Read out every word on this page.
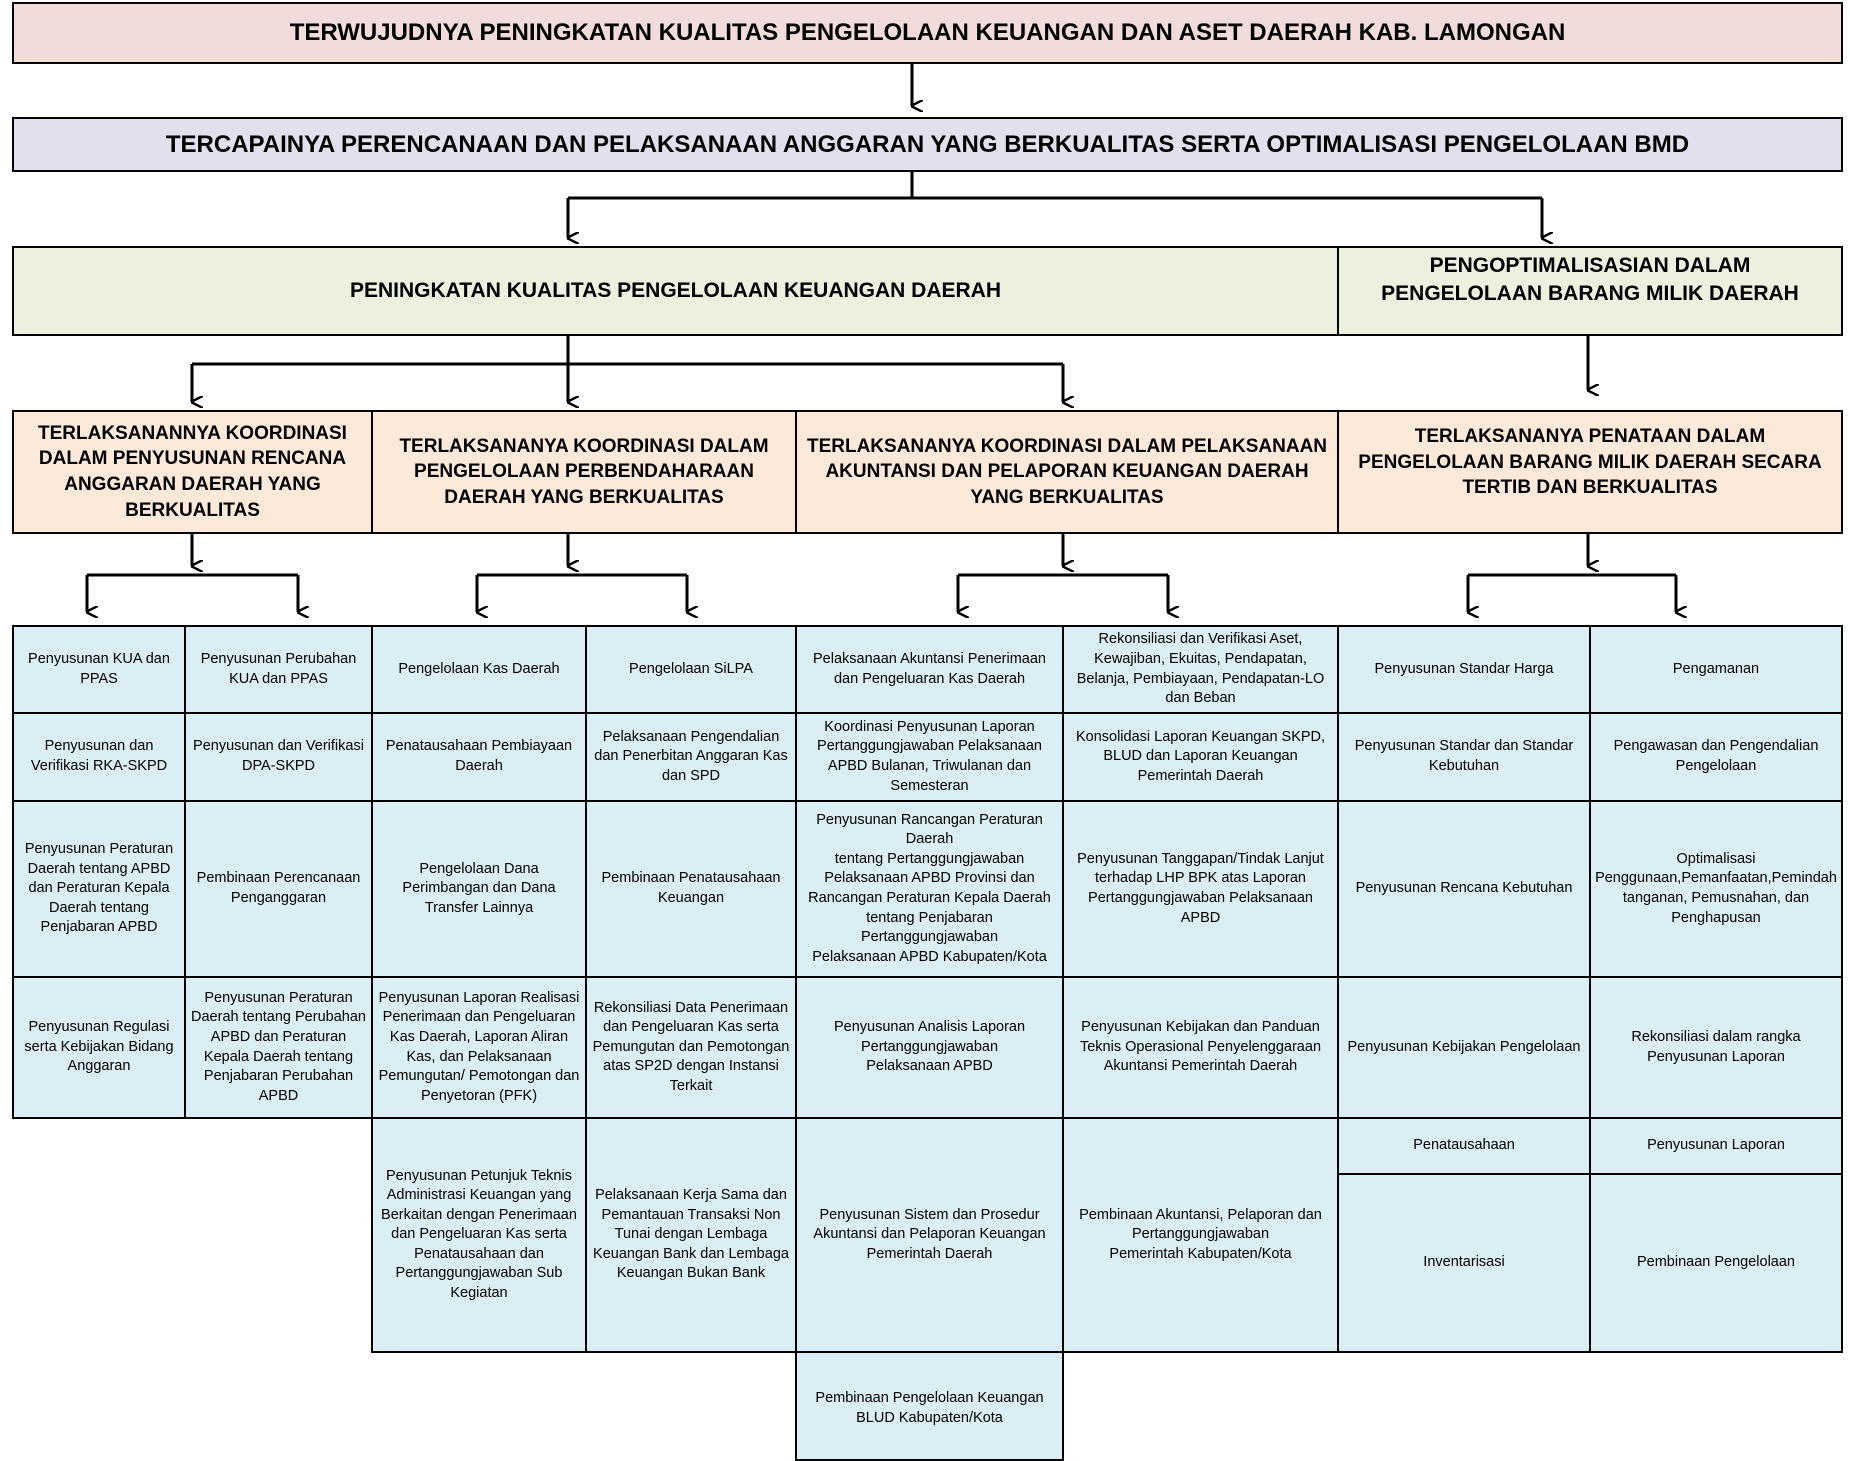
TERWUJUDNYA PENINGKATAN KUALITAS PENGELOLAAN KEUANGAN DAN ASET DAERAH KAB. LAMONGAN
TERCAPAINYA PERENCANAAN DAN PELAKSANAAN ANGGARAN YANG BERKUALITAS SERTA OPTIMALISASI PENGELOLAAN BMD
PENINGKATAN KUALITAS PENGELOLAAN KEUANGAN DAERAH
PENGOPTIMALISASIAN DALAM PENGELOLAAN BARANG MILIK DAERAH
TERLAKSANANNYA KOORDINASI DALAM PENYUSUNAN RENCANA ANGGARAN DAERAH YANG BERKUALITAS
TERLAKSANANYA KOORDINASI DALAM PENGELOLAAN PERBENDAHARAAN DAERAH YANG BERKUALITAS
TERLAKSANANYA KOORDINASI DALAM PELAKSANAAN AKUNTANSI DAN PELAPORAN KEUANGAN DAERAH YANG BERKUALITAS
TERLAKSANANYA PENATAAN DALAM PENGELOLAAN BARANG MILIK DAERAH SECARA TERTIB DAN BERKUALITAS
Penyusunan KUA dan PPAS
Penyusunan dan Verifikasi RKA-SKPD
Penyusunan Peraturan Daerah tentang APBD dan Peraturan Kepala Daerah tentang Penjabaran APBD
Penyusunan Regulasi serta Kebijakan Bidang Anggaran
Penyusunan Perubahan KUA dan PPAS
Penyusunan dan Verifikasi DPA-SKPD
Pembinaan Perencanaan Penganggaran
Penyusunan Peraturan Daerah tentang Perubahan APBD dan Peraturan Kepala Daerah tentang Penjabaran Perubahan APBD
Pengelolaan Kas Daerah
Penatausahaan Pembiayaan Daerah
Pengelolaan Dana Perimbangan dan Dana Transfer Lainnya
Penyusunan Laporan Realisasi Penerimaan dan Pengeluaran Kas Daerah, Laporan Aliran Kas, dan Pelaksanaan Pemungutan/ Pemotongan dan Penyetoran (PFK)
Penyusunan Petunjuk Teknis Administrasi Keuangan yang Berkaitan dengan Penerimaan dan Pengeluaran Kas serta Penatausahaan dan Pertanggungjawaban Sub Kegiatan
Pengelolaan SiLPA
Pelaksanaan Pengendalian dan Penerbitan Anggaran Kas dan SPD
Pembinaan Penatausahaan Keuangan
Rekonsiliasi Data Penerimaan dan Pengeluaran Kas serta Pemungutan dan Pemotongan atas SP2D dengan Instansi Terkait
Pelaksanaan Kerja Sama dan Pemantauan Transaksi Non Tunai dengan Lembaga Keuangan Bank dan Lembaga Keuangan Bukan Bank
Pelaksanaan Akuntansi Penerimaan dan Pengeluaran Kas Daerah
Koordinasi Penyusunan Laporan Pertanggungjawaban Pelaksanaan APBD Bulanan, Triwulanan dan Semesteran
Penyusunan Rancangan Peraturan Daerah
tentang Pertanggungjawaban Pelaksanaan APBD Provinsi dan Rancangan Peraturan Kepala Daerah tentang Penjabaran Pertanggungjawaban
Pelaksanaan APBD Kabupaten/Kota
Penyusunan Analisis Laporan Pertanggungjawaban
Pelaksanaan APBD
Penyusunan Sistem dan Prosedur Akuntansi dan Pelaporan Keuangan Pemerintah Daerah
Pembinaan Pengelolaan Keuangan BLUD Kabupaten/Kota
Rekonsiliasi dan Verifikasi Aset, Kewajiban, Ekuitas, Pendapatan, Belanja, Pembiayaan, Pendapatan-LO dan Beban
Konsolidasi Laporan Keuangan SKPD, BLUD dan Laporan Keuangan Pemerintah Daerah
Penyusunan Tanggapan/Tindak Lanjut terhadap LHP BPK atas Laporan Pertanggungjawaban Pelaksanaan APBD
Penyusunan Kebijakan dan Panduan Teknis Operasional Penyelenggaraan Akuntansi Pemerintah Daerah
Pembinaan Akuntansi, Pelaporan dan Pertanggungjawaban
Pemerintah Kabupaten/Kota
Penyusunan Standar Harga
Penyusunan Standar dan Standar Kebutuhan
Penyusunan Rencana Kebutuhan
Penyusunan Kebijakan Pengelolaan
Penatausahaan
Inventarisasi
Pengamanan
Pengawasan dan Pengendalian Pengelolaan
Optimalisasi Penggunaan,Pemanfaatan,Pemindahtanganan, Pemusnahan, dan Penghapusan
Rekonsiliasi dalam rangka Penyusunan Laporan
Penyusunan Laporan
Pembinaan Pengelolaan
